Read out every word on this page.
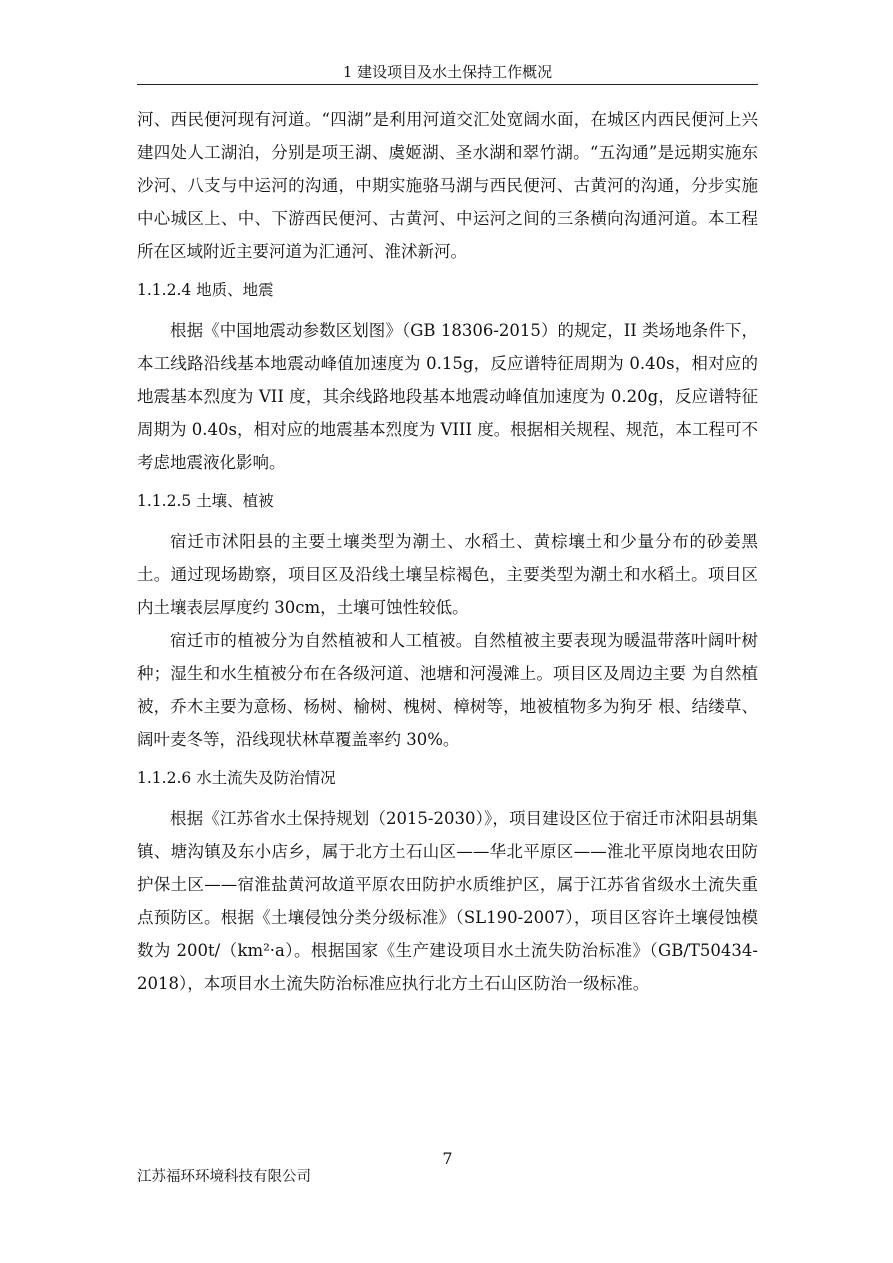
1 建设项目及水土保持工作概况

河、西民便河现有河道。“四湖”是利用河道交汇处宽阔水面，在城区内西民便河上兴建四处人工湖泊，分别是项王湖、虞姬湖、圣水湖和翠竹湖。“五沟通”是远期实施东沙河、八支与中运河的沟通，中期实施骆马湖与西民便河、古黄河的沟通，分步实施中心城区上、中、下游西民便河、古黄河、中运河之间的三条横向沟通河道。本工程所在区域附近主要河道为汇通河、淮沭新河。

1.1.2.4 地质、地震

根据《中国地震动参数区划图》（GB 18306-2015）的规定，II 类场地条件下，本工线路沿线基本地震动峰值加速度为 0.15g，反应谱特征周期为 0.40s，相对应的地震基本烈度为 VII 度，其余线路地段基本地震动峰值加速度为 0.20g，反应谱特征周期为 0.40s，相对应的地震基本烈度为 VIII 度。根据相关规程、规范，本工程可不考虑地震液化影响。

1.1.2.5 土壤、植被

宿迁市沭阳县的主要土壤类型为潮土、水稻土、黄棕壤土和少量分布的砂姜黑土。通过现场勘察，项目区及沿线土壤呈棕褐色，主要类型为潮土和水稻土。项目区内土壤表层厚度约 30cm，土壤可蚀性较低。

宿迁市的植被分为自然植被和人工植被。自然植被主要表现为暖温带落叶阔叶树种；湿生和水生植被分布在各级河道、池塘和河漫滩上。项目区及周边主要 为自然植被，乔木主要为意杨、杨树、榆树、槐树、樟树等，地被植物多为狗牙 根、结缕草、阔叶麦冬等，沿线现状林草覆盖率约 30%。

1.1.2.6 水土流失及防治情况

根据《江苏省水土保持规划（2015-2030）》，项目建设区位于宿迁市沭阳县胡集镇、塘沟镇及东小店乡，属于北方土石山区——华北平原区——淮北平原岗地农田防护保土区——宿淮盐黄河故道平原农田防护水质维护区，属于江苏省省级水土流失重点预防区。根据《土壤侵蚀分类分级标准》（SL190-2007），项目区容许土壤侵蚀模数为 200t/（km²·a）。根据国家《生产建设项目水土流失防治标准》（GB/T50434-2018），本项目水土流失防治标准应执行北方土石山区防治一级标准。

7
江苏福环环境科技有限公司
